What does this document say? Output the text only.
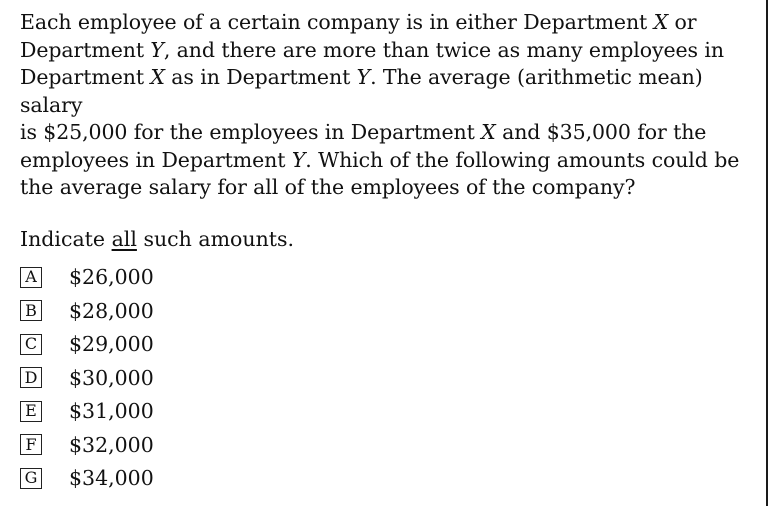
Each employee of a certain company is in either Department X or
Department Y, and there are more than twice as many employees in
Department X as in Department Y. The average (arithmetic mean) salary
is $25,000 for the employees in Department X and $35,000 for the
employees in Department Y. Which of the following amounts could be
the average salary for all of the employees of the company?

Indicate all such amounts.

A $26,000
B $28,000
C $29,000
D $30,000
E $31,000
F $32,000
G $34,000
